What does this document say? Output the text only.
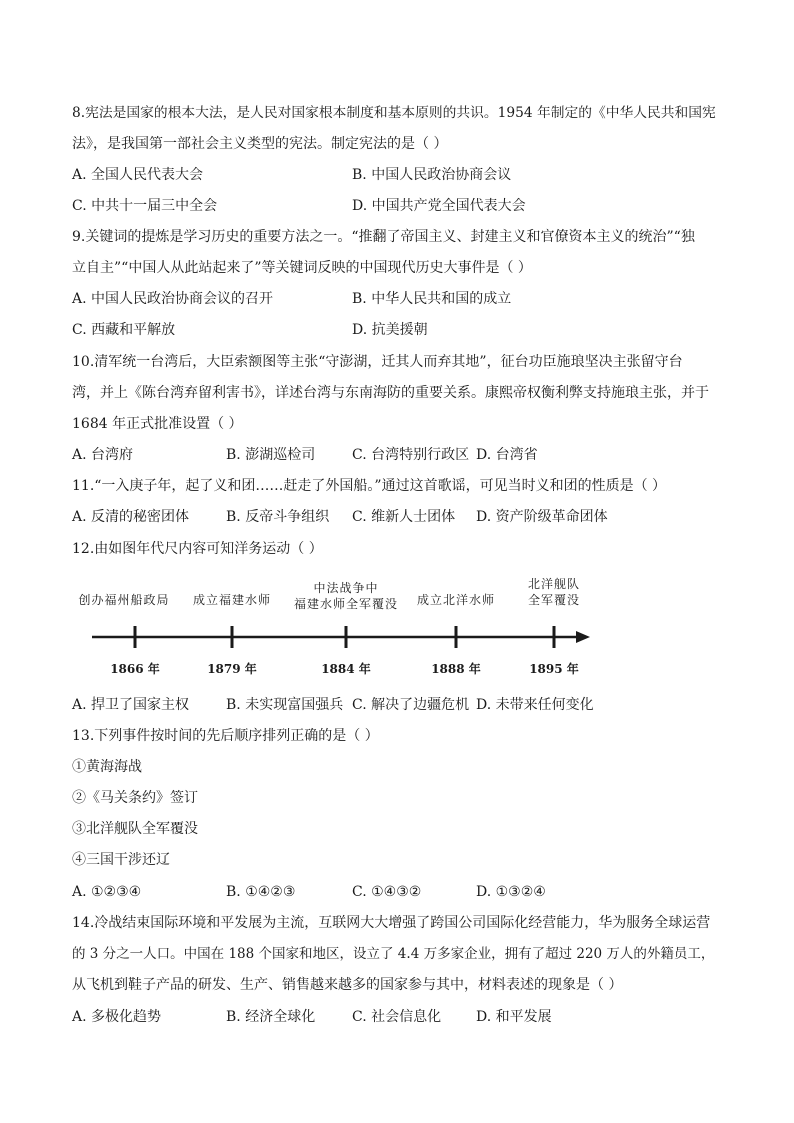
8.宪法是国家的根本大法，是人民对国家根本制度和基本原则的共识。1954 年制定的《中华人民共和国宪
法》，是我国第一部社会主义类型的宪法。制定宪法的是（ ）
A. 全国人民代表大会	B. 中国人民政治协商会议
C. 中共十一届三中全会	D. 中国共产党全国代表大会
9.关键词的提炼是学习历史的重要方法之一。“推翻了帝国主义、封建主义和官僚资本主义的统治”“独
立自主”“中国人从此站起来了”等关键词反映的中国现代历史大事件是（ ）
A. 中国人民政治协商会议的召开	B. 中华人民共和国的成立
C. 西藏和平解放	D. 抗美援朝
10.清军统一台湾后，大臣索额图等主张“守澎湖，迁其人而弃其地”，征台功臣施琅坚决主张留守台
湾，并上《陈台湾弃留利害书》，详述台湾与东南海防的重要关系。康熙帝权衡利弊支持施琅主张，并于
1684 年正式批准设置（ ）
A. 台湾府	B. 澎湖巡检司	C. 台湾特别行政区 D. 台湾省
11.“一入庚子年，起了义和团……赶走了外国船。”通过这首歌谣，可见当时义和团的性质是（ ）
A. 反清的秘密团体	B. 反帝斗争组织 C. 维新人士团体 D. 资产阶级革命团体
12.由如图年代尺内容可知洋务运动（ ）
创办福州船政局	成立福建水师
中法战争中
福建水师全军覆没	成立北洋水师
北洋舰队
全军覆没
1866 年	1879 年	1884 年	1888 年	1895 年
A. 捍卫了国家主权	B. 未实现富国强兵 C. 解决了边疆危机 D. 未带来任何变化
13.下列事件按时间的先后顺序排列正确的是（ ）
①黄海海战
②《马关条约》签订
③北洋舰队全军覆没
④三国干涉还辽
A. ①②③④	B. ①④②③	C. ①④③②	D. ①③②④
14.冷战结束国际环境和平发展为主流，互联网大大增强了跨国公司国际化经营能力，华为服务全球运营
的 3 分之一人口。中国在 188 个国家和地区，设立了 4.4 万多家企业，拥有了超过 220 万人的外籍员工，
从飞机到鞋子产品的研发、生产、销售越来越多的国家参与其中，材料表述的现象是（ ）
A. 多极化趋势	B. 经济全球化	C. 社会信息化 D. 和平发展
